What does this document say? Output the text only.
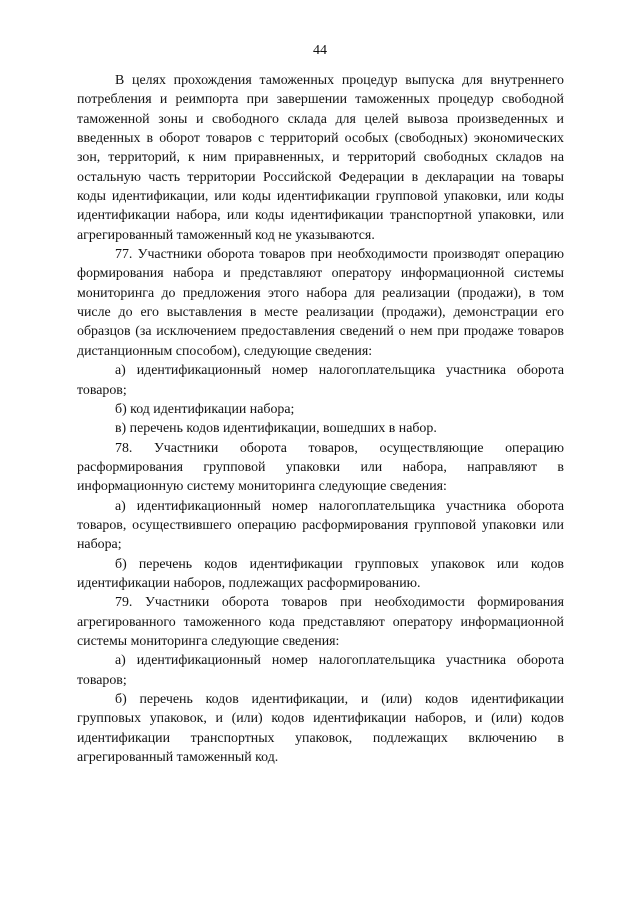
44

В целях прохождения таможенных процедур выпуска для внутреннего потребления и реимпорта при завершении таможенных процедур свободной таможенной зоны и свободного склада для целей вывоза произведенных и введенных в оборот товаров с территорий особых (свободных) экономических зон, территорий, к ним приравненных, и территорий свободных складов на остальную часть территории Российской Федерации в декларации на товары коды идентификации, или коды идентификации групповой упаковки, или коды идентификации набора, или коды идентификации транспортной упаковки, или агрегированный таможенный код не указываются.

77. Участники оборота товаров при необходимости производят операцию формирования набора и представляют оператору информационной системы мониторинга до предложения этого набора для реализации (продажи), в том числе до его выставления в месте реализации (продажи), демонстрации его образцов (за исключением предоставления сведений о нем при продаже товаров дистанционным способом), следующие сведения:

а) идентификационный номер налогоплательщика участника оборота товаров;

б) код идентификации набора;

в) перечень кодов идентификации, вошедших в набор.

78. Участники оборота товаров, осуществляющие операцию расформирования групповой упаковки или набора, направляют в информационную систему мониторинга следующие сведения:

а) идентификационный номер налогоплательщика участника оборота товаров, осуществившего операцию расформирования групповой упаковки или набора;

б) перечень кодов идентификации групповых упаковок или кодов идентификации наборов, подлежащих расформированию.

79. Участники оборота товаров при необходимости формирования агрегированного таможенного кода представляют оператору информационной системы мониторинга следующие сведения:

а) идентификационный номер налогоплательщика участника оборота товаров;

б) перечень кодов идентификации, и (или) кодов идентификации групповых упаковок, и (или) кодов идентификации наборов, и (или) кодов идентификации транспортных упаковок, подлежащих включению в агрегированный таможенный код.
